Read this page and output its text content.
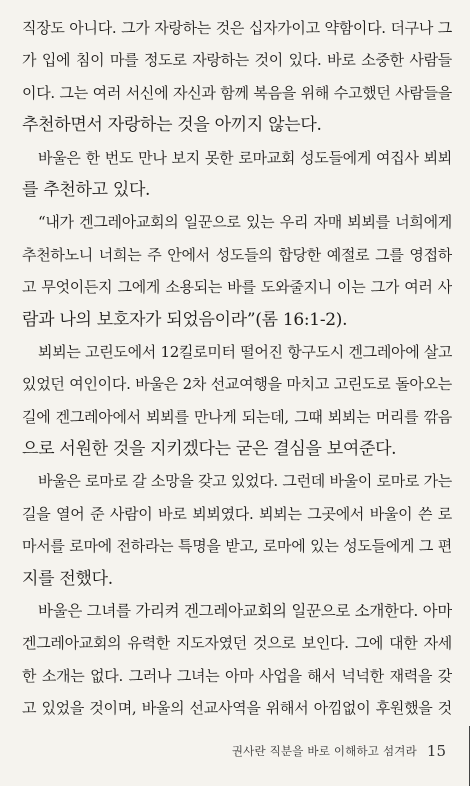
직장도 아니다. 그가 자랑하는 것은 십자가이고 약함이다. 더구나 그
가 입에 침이 마를 정도로 자랑하는 것이 있다. 바로 소중한 사람들
이다. 그는 여러 서신에 자신과 함께 복음을 위해 수고했던 사람들을
추천하면서 자랑하는 것을 아끼지 않는다.
바울은 한 번도 만나 보지 못한 로마교회 성도들에게 여집사 뵈뵈
를 추천하고 있다.
“내가 겐그레아교회의 일꾼으로 있는 우리 자매 뵈뵈를 너희에게
추천하노니 너희는 주 안에서 성도들의 합당한 예절로 그를 영접하
고 무엇이든지 그에게 소용되는 바를 도와줄지니 이는 그가 여러 사
람과 나의 보호자가 되었음이라”(롬 16:1-2).
뵈뵈는 고린도에서 12킬로미터 떨어진 항구도시 겐그레아에 살고
있었던 여인이다. 바울은 2차 선교여행을 마치고 고린도로 돌아오는
길에 겐그레아에서 뵈뵈를 만나게 되는데, 그때 뵈뵈는 머리를 깎음
으로 서원한 것을 지키겠다는 굳은 결심을 보여준다.
바울은 로마로 갈 소망을 갖고 있었다. 그런데 바울이 로마로 가는
길을 열어 준 사람이 바로 뵈뵈였다. 뵈뵈는 그곳에서 바울이 쓴 로
마서를 로마에 전하라는 특명을 받고, 로마에 있는 성도들에게 그 편
지를 전했다.
바울은 그녀를 가리켜 겐그레아교회의 일꾼으로 소개한다. 아마
겐그레아교회의 유력한 지도자였던 것으로 보인다. 그에 대한 자세
한 소개는 없다. 그러나 그녀는 아마 사업을 해서 넉넉한 재력을 갖
고 있었을 것이며, 바울의 선교사역을 위해서 아낌없이 후원했을 것
권사란 직분을 바로 이해하고 섬겨라 15
